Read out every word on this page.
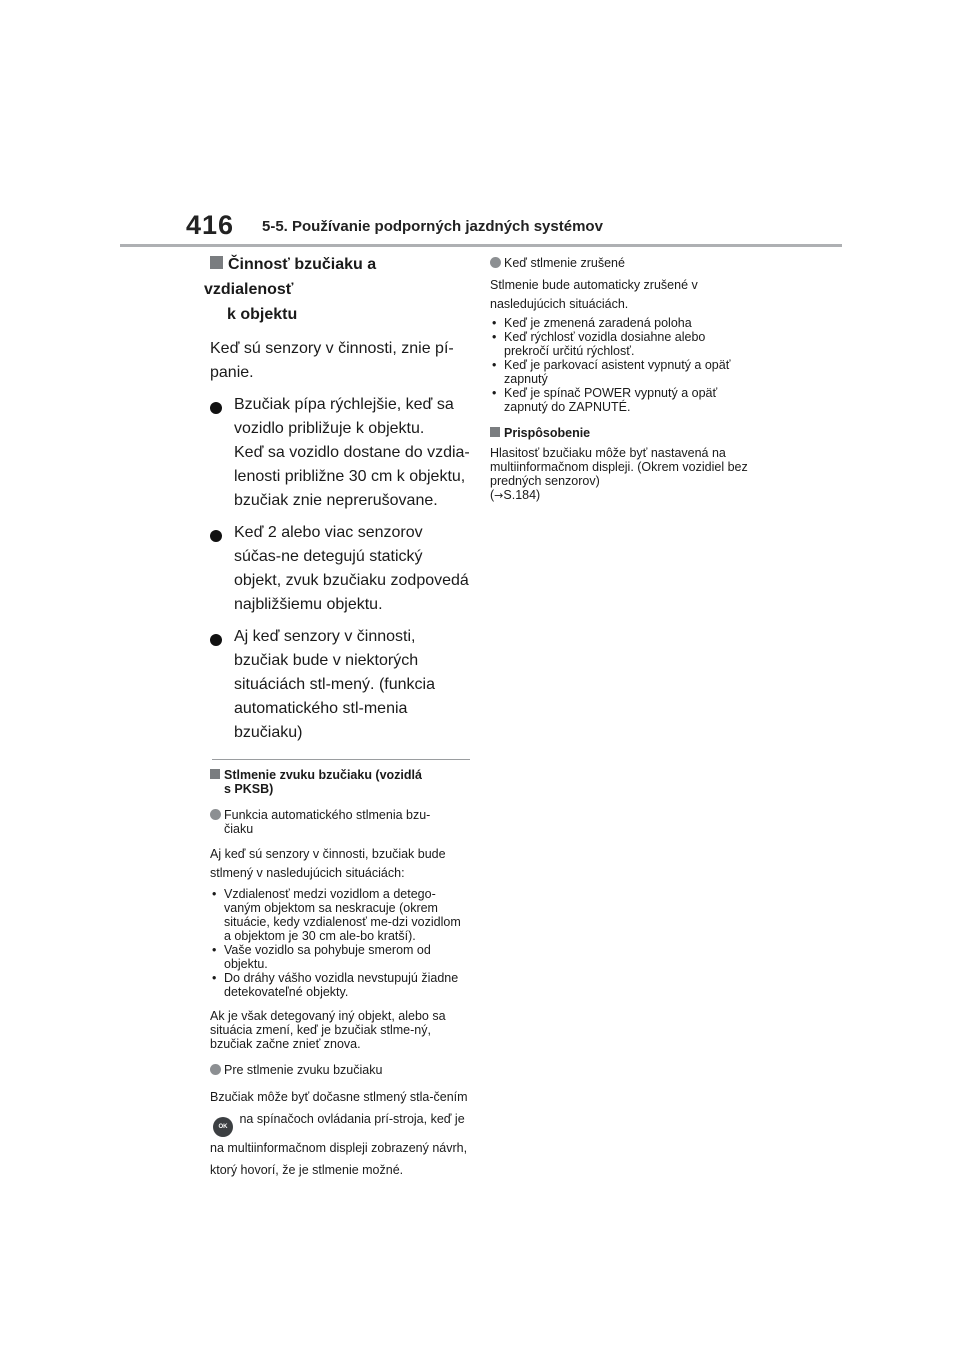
416 5-5. Používanie podporných jazdných systémov
Činnosť bzučiaku a vzdialenosť
k objektu

Keď sú senzory v činnosti, znie pí-
panie.

Bzučiak pípa rýchlejšie, keď sa vozidlo približuje k objektu.
Keď sa vozidlo dostane do vzdia-lenosti približne 30 cm k objektu, bzučiak znie neprerušovane.
Keď 2 alebo viac senzorov súčas-ne detegujú statický objekt, zvuk bzučiaku zodpovedá najbližšiemu objektu.
Aj keď senzory v činnosti, bzučiak bude v niektorých situáciách stl-mený. (funkcia automatického stl-menia bzučiaku)
Stlmenie zvuku bzučiaku (vozidlá
s PKSB)
Funkcia automatického stlmenia bzu-
čiaku

Aj keď sú senzory v činnosti, bzučiak bude stlmený v nasledujúcich situáciách:

• Vzdialenosť medzi vozidlom a detego-vaným objektom sa neskracuje (okrem situácie, kedy vzdialenosť me-dzi vozidlom a objektom je 30 cm ale-bo kratší).
• Vaše vozidlo sa pohybuje smerom od objektu.
• Do dráhy vášho vozidla nevstupujú žiadne detekovateľné objekty.

Ak je však detegovaný iný objekt, alebo sa situácia zmení, keď je bzučiak stlme-ný, bzučiak začne znieť znova.

Pre stlmenie zvuku bzučiaku

Bzučiak môže byť dočasne stlmený stla-čením OK na spínačoch ovládania prí-stroja, keď je na multiinformačnom displeji zobrazený návrh, ktorý hovorí, že je stlmenie možné.

Keď stlmenie zrušené

Stlmenie bude automaticky zrušené v nasledujúcich situáciách.

• Keď je zmenená zaradená poloha
• Keď rýchlosť vozidla dosiahne alebo prekročí určitú rýchlosť.
• Keď je parkovací asistent vypnutý a opäť zapnutý
• Keď je spínač POWER vypnutý a opäť zapnutý do ZAPNUTÉ.
Prispôsobenie

Hlasitosť bzučiaku môže byť nastavená na multiinformačnom displeji. (Okrem vozidiel bez predných senzorov)
(→S.184)
